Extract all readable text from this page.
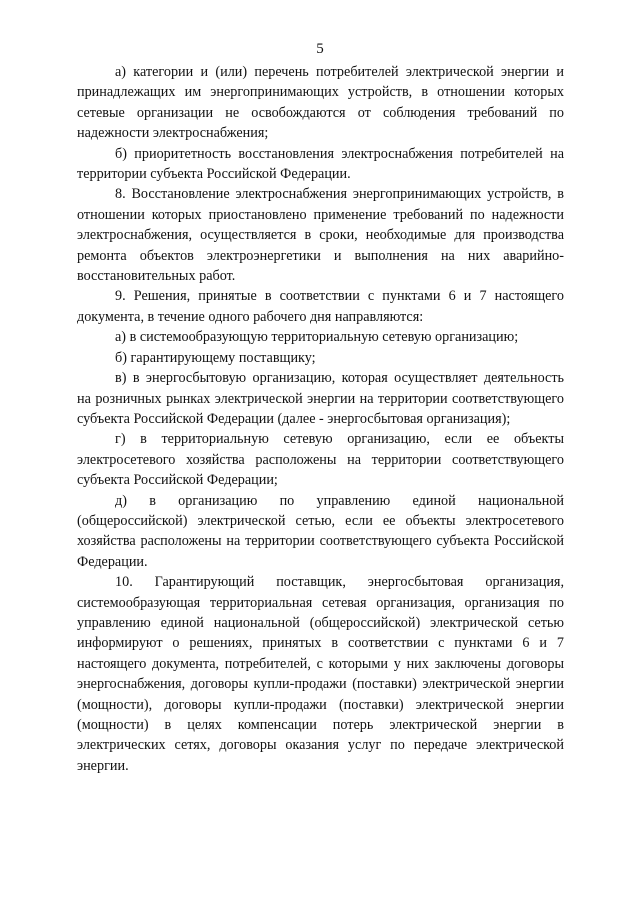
5

а) категории и (или) перечень потребителей электрической энергии и принадлежащих им энергопринимающих устройств, в отношении которых сетевые организации не освобождаются от соблюдения требований по надежности электроснабжения;

б) приоритетность восстановления электроснабжения потребителей на территории субъекта Российской Федерации.

8. Восстановление электроснабжения энергопринимающих устройств, в отношении которых приостановлено применение требований по надежности электроснабжения, осуществляется в сроки, необходимые для производства ремонта объектов электроэнергетики и выполнения на них аварийно-восстановительных работ.

9. Решения, принятые в соответствии с пунктами 6 и 7 настоящего документа, в течение одного рабочего дня направляются:

а) в системообразующую территориальную сетевую организацию;

б) гарантирующему поставщику;

в) в энергосбытовую организацию, которая осуществляет деятельность на розничных рынках электрической энергии на территории соответствующего субъекта Российской Федерации (далее - энергосбытовая организация);

г) в территориальную сетевую организацию, если ее объекты электросетевого хозяйства расположены на территории соответствующего субъекта Российской Федерации;

д) в организацию по управлению единой национальной (общероссийской) электрической сетью, если ее объекты электросетевого хозяйства расположены на территории соответствующего субъекта Российской Федерации.

10. Гарантирующий поставщик, энергосбытовая организация, системообразующая территориальная сетевая организация, организация по управлению единой национальной (общероссийской) электрической сетью информируют о решениях, принятых в соответствии с пунктами 6 и 7 настоящего документа, потребителей, с которыми у них заключены договоры энергоснабжения, договоры купли-продажи (поставки) электрической энергии (мощности), договоры купли-продажи (поставки) электрической энергии (мощности) в целях компенсации потерь электрической энергии в электрических сетях, договоры оказания услуг по передаче электрической энергии.
